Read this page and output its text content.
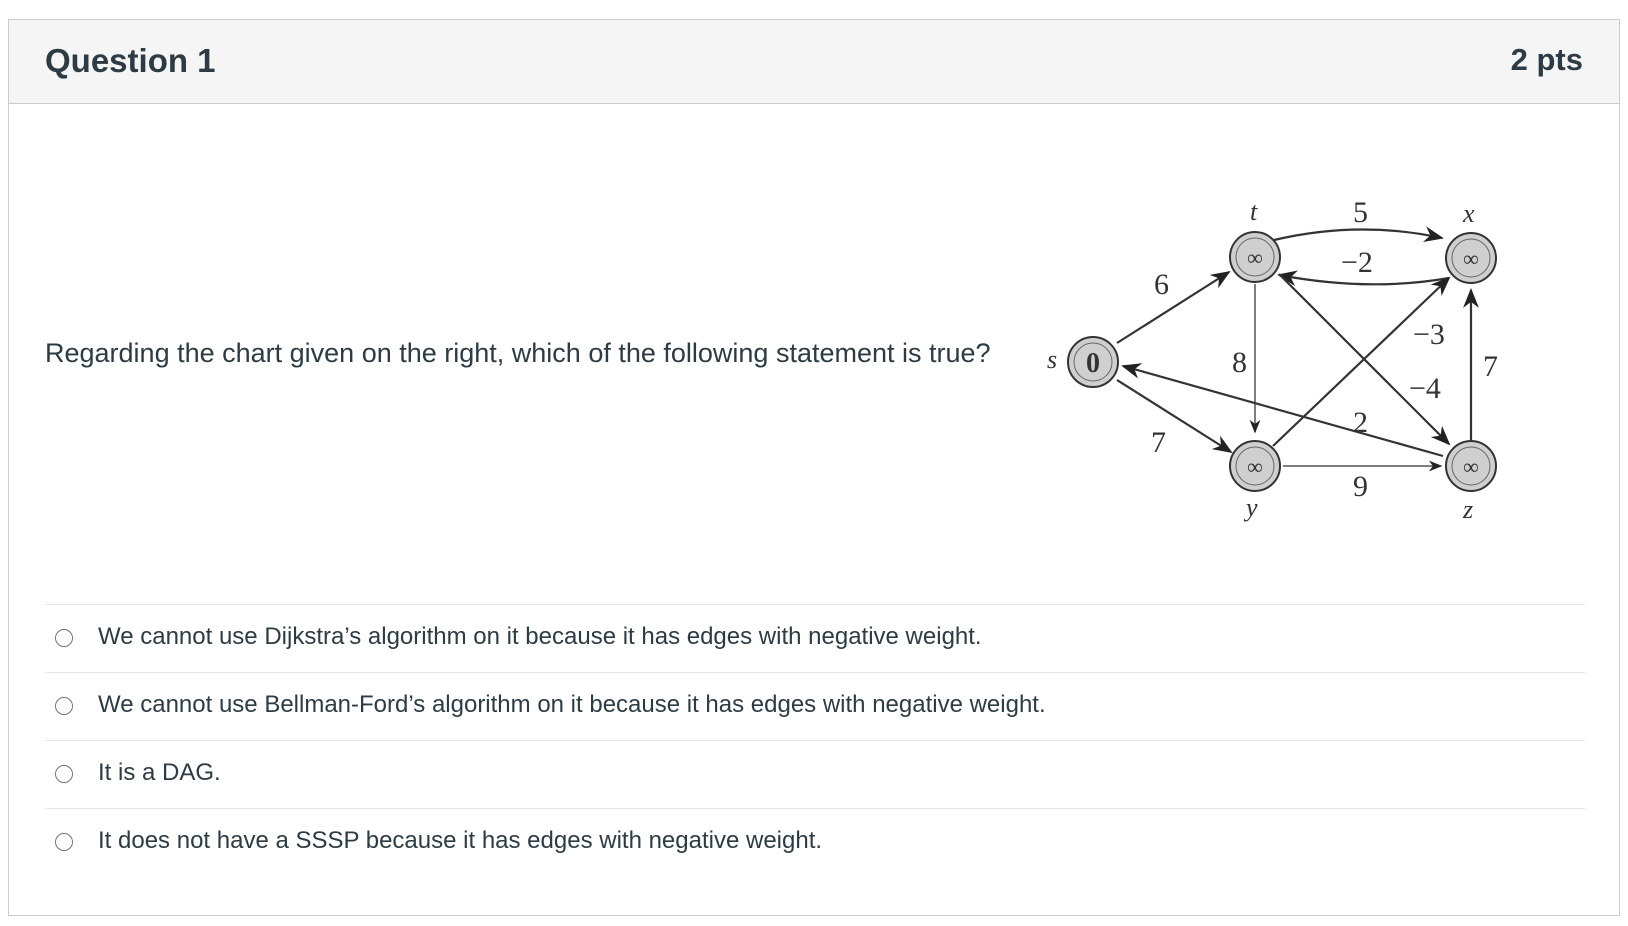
Question 1	2 pts
Regarding the chart given on the right, which of the following statement is true?
6
7
5
−2
8
−3
−4
9
2
7
0
s
∞
t
∞
x
∞
y
∞
z
We cannot use Dijkstra’s algorithm on it because it has edges with negative weight.
We cannot use Bellman-Ford’s algorithm on it because it has edges with negative weight.
It is a DAG.
It does not have a SSSP because it has edges with negative weight.
